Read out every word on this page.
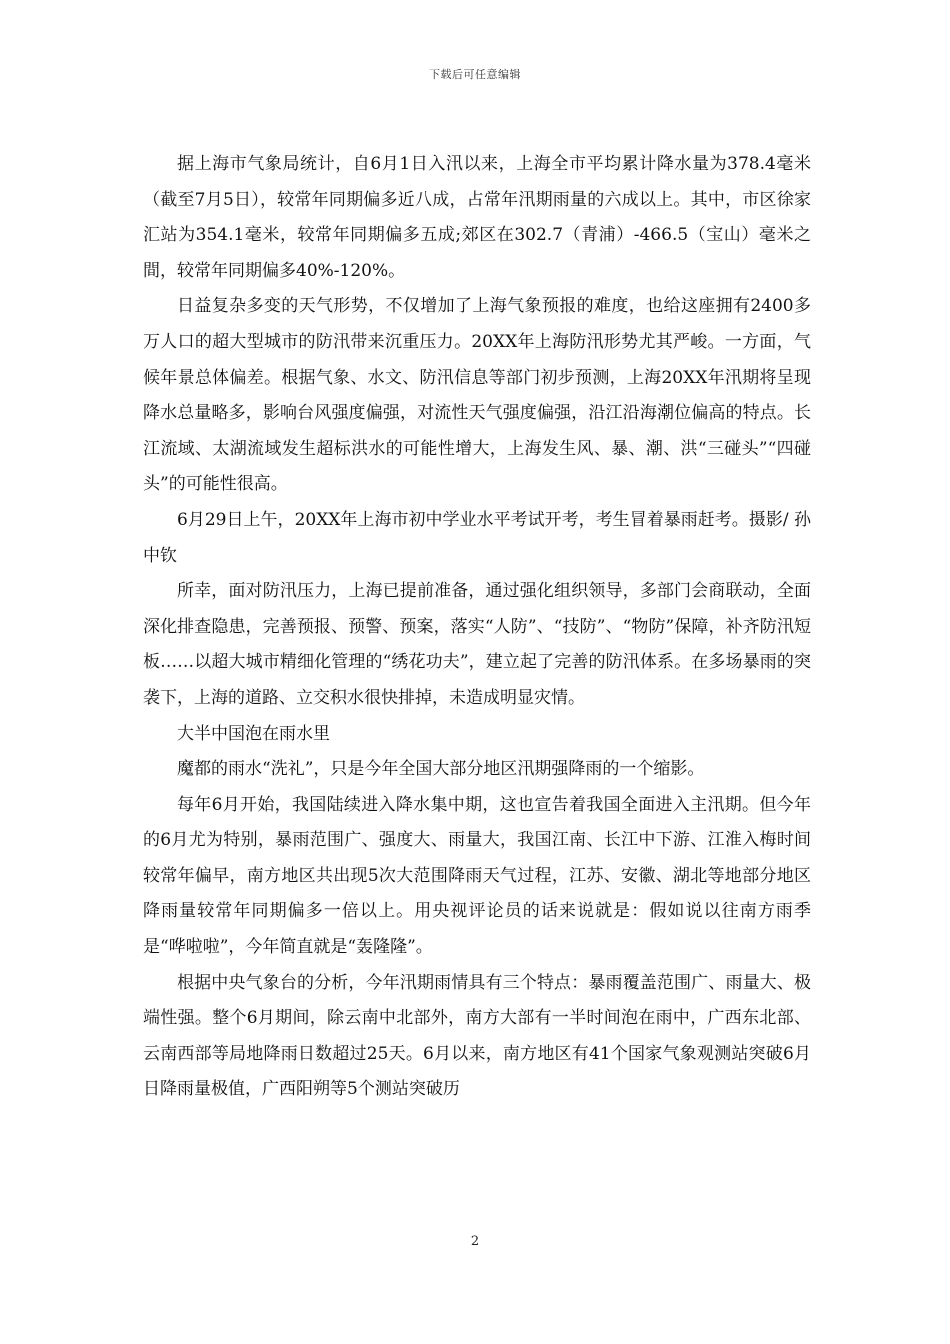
下载后可任意编辑

据上海市气象局统计，自6月1日入汛以来，上海全市平均累计降水量为378.4毫米（截至7月5日），较常年同期偏多近八成，占常年汛期雨量的六成以上。其中，市区徐家汇站为354.1毫米，较常年同期偏多五成;郊区在302.7（青浦）-466.5（宝山）毫米之間，较常年同期偏多40%-120%。

日益复杂多变的天气形势，不仅增加了上海气象预报的难度，也给这座拥有2400多万人口的超大型城市的防汛带来沉重压力。20XX年上海防汛形势尤其严峻。一方面，气候年景总体偏差。根据气象、水文、防汛信息等部门初步预测，上海20XX年汛期将呈现降水总量略多，影响台风强度偏强，对流性天气强度偏强，沿江沿海潮位偏高的特点。长江流域、太湖流域发生超标洪水的可能性增大，上海发生风、暴、潮、洪“三碰头”“四碰头”的可能性很高。

6月29日上午，20XX年上海市初中学业水平考试开考，考生冒着暴雨赶考。摄影/ 孙中钦

所幸，面对防汛压力，上海已提前准备，通过强化组织领导，多部门会商联动，全面深化排查隐患，完善预报、预警、预案，落实“人防”、“技防”、“物防”保障，补齐防汛短板……以超大城市精细化管理的“绣花功夫”，建立起了完善的防汛体系。在多场暴雨的突袭下，上海的道路、立交积水很快排掉，未造成明显灾情。

大半中国泡在雨水里

魔都的雨水“洗礼”，只是今年全国大部分地区汛期强降雨的一个缩影。

每年6月开始，我国陆续进入降水集中期，这也宣告着我国全面进入主汛期。但今年的6月尤为特别，暴雨范围广、强度大、雨量大，我国江南、长江中下游、江淮入梅时间较常年偏早，南方地区共出现5次大范围降雨天气过程，江苏、安徽、湖北等地部分地区降雨量较常年同期偏多一倍以上。用央视评论员的话来说就是：假如说以往南方雨季是“哗啦啦”，今年简直就是“轰隆隆”。

根据中央气象台的分析，今年汛期雨情具有三个特点：暴雨覆盖范围广、雨量大、极端性强。整个6月期间，除云南中北部外，南方大部有一半时间泡在雨中，广西东北部、云南西部等局地降雨日数超过25天。6月以来，南方地区有41个国家气象观测站突破6月日降雨量极值，广西阳朔等5个测站突破历

2
